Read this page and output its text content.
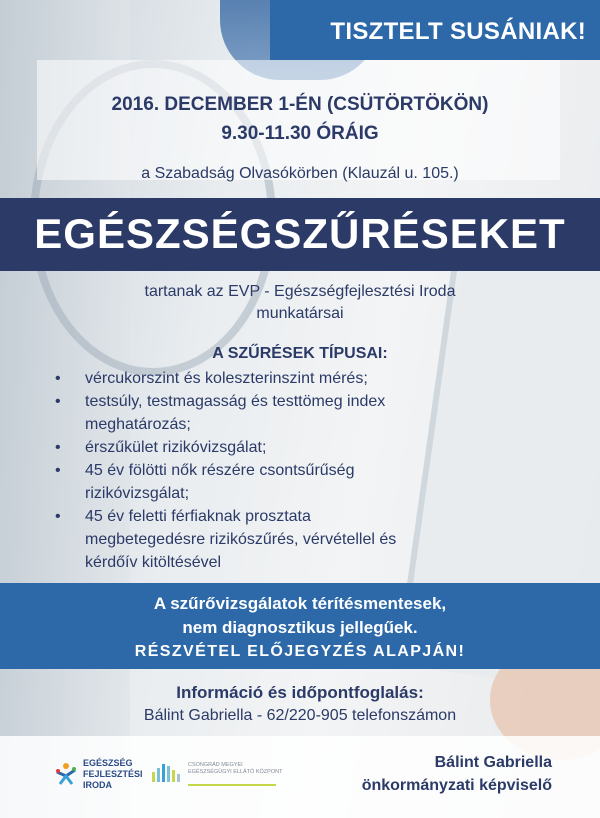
TISZTELT SUSÁNIAK!
2016. DECEMBER 1-ÉN (CSÜTÖRTÖKÖN)
9.30-11.30 ÓRÁIG
a Szabadság Olvasókörben (Klauzál u. 105.)
EGÉSZSÉGSZŰRÉSEKET
tartanak az EVP - Egészségfejlesztési Iroda
munkatársai
A SZŰRÉSEK TÍPUSAI:
• vércukorszint és koleszterinszint mérés;
• testsúly, testmagasság és testtömeg index
meghatározás;
• érszűkület rizikóvizsgálat;
• 45 év fölötti nők részére csontsűrűség
rizikóvizsgálat;
• 45 év feletti férfiaknak prosztata
megbetegedésre rizikószűrés, vérvétellel és
kérdőív kitöltésével
A szűrővizsgálatok térítésmentesek,
nem diagnosztikus jellegűek.
RÉSZVÉTEL ELŐJEGYZÉS ALAPJÁN!
Információ és időpontfoglalás:
Bálint Gabriella - 62/220-905 telefonszámon
EGÉSZSÉG
FEJLESZTÉSI
IRODA
CSONGRÁD MEGYEI
EGÉSZSÉGÜGYI ELLÁTÓ KÖZPONT
Bálint Gabriella
önkormányzati képviselő
